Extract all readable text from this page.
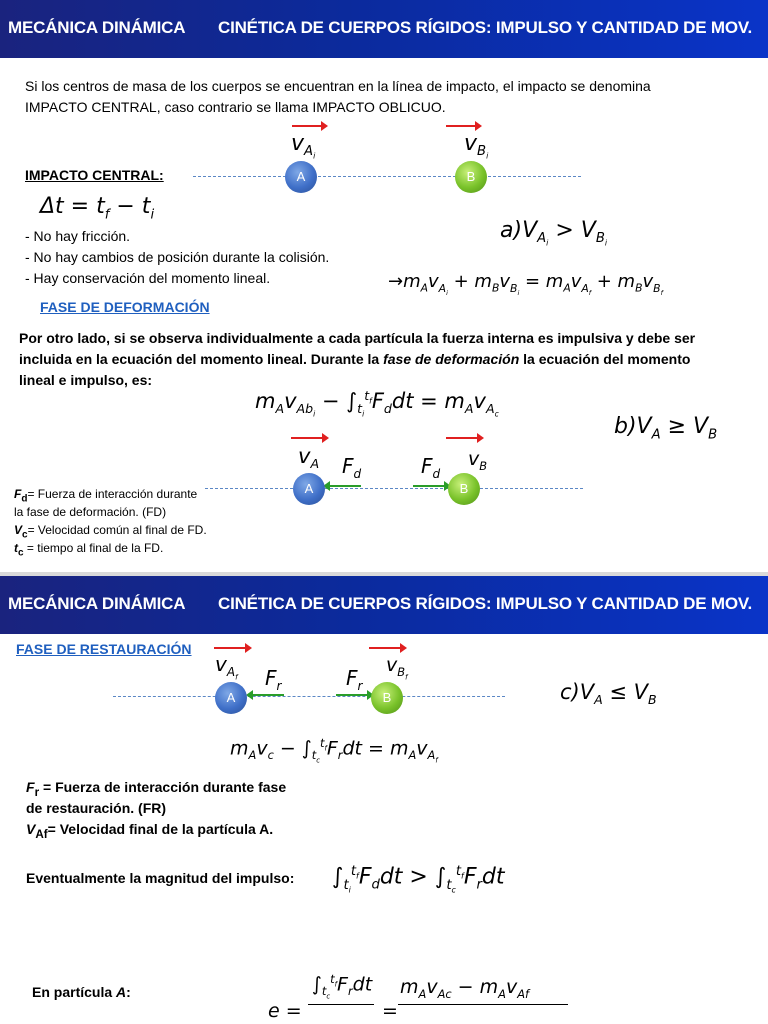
MECÁNICA DINÁMICA CINÉTICA DE CUERPOS RÍGIDOS: IMPULSO Y CANTIDAD DE MOV.
Si los centros de masa de los cuerpos se encuentran en la línea de impacto, el impacto se denomina
IMPACTO CENTRAL, caso contrario se llama IMPACTO OBLICUO.
IMPACTO CENTRAL:
$v_{A_i}$
A
$v_{B_i}$
B
$\Delta t = t_f - t_i$
- No hay fricción.
- No hay cambios de posición durante la colisión.
- Hay conservación del momento lineal.
$a)V_{A_i} > V_{B_i}$
$\to m_Av_{A_i} + m_Bv_{B_i} = m_Av_{A_f} + m_Bv_{B_f}$
FASE DE DEFORMACIÓN
Por otro lado, si se observa individualmente a cada partícula la fuerza interna es impulsiva y debe ser
incluida en la ecuación del momento lineal. Durante la fase de deformación la ecuación del momento
lineal e impulso, es:
$m_Av_{Ab_i} - \int_{t_i}^{t_f}F_ddt = m_Av_{A_c}$	$b)V_A \ge V_B$
$v_A$ $F_d$
A
$v_B$
$F_d$
B
$F_d=$ Fuerza de interacción durante
la fase de deformación. (FD)
$V_c=$ Velocidad común al final de FD.
$t_c$ = tiempo al final de la FD.
MECÁNICA DINÁMICA CINÉTICA DE CUERPOS RÍGIDOS: IMPULSO Y CANTIDAD DE MOV.
FASE DE RESTAURACIÓN
$v_{A_f}$ $F_r$
A
$v_{B_f}$
$F_r$
B	$c)V_A \le V_B$
$m_Av_c - \int_{t_c}^{t_f}F_rdt = m_Av_{A_f}$
$F_r$ = Fuerza de interacción durante fase
de restauración. (FR)
$V_{Af}=$ Velocidad final de la partícula A.
Eventualmente la magnitud del impulso: $\int_{t_i}^{t_f}F_ddt > \int_{t_c}^{t_f}F_rdt$
En partícula A:
e =
$\int_{t_c}^{t_f}F_rdt$
=
$m_Av_{Ac} - m_Av_{Af}$
